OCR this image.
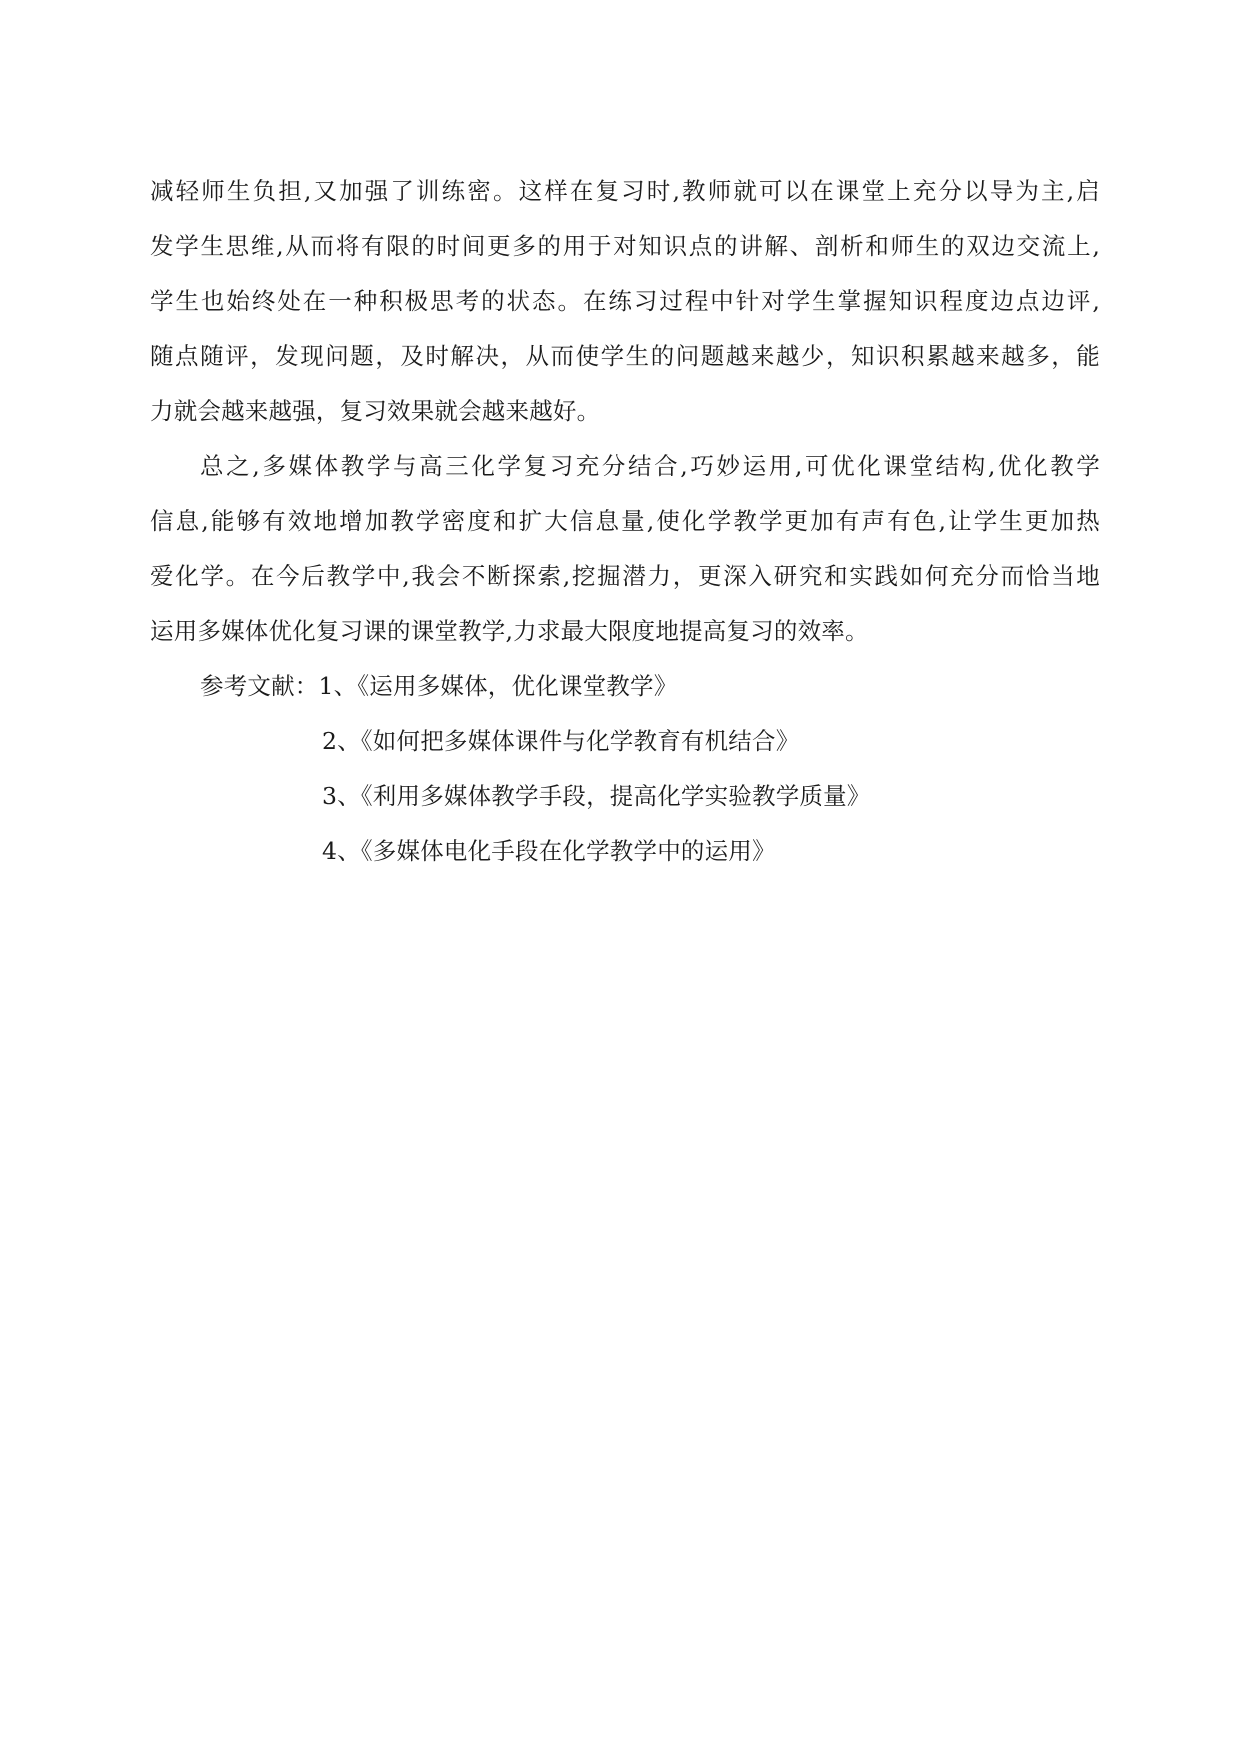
减轻师生负担,又加强了训练密。这样在复习时,教师就可以在课堂上充分以导为主,启
发学生思维,从而将有限的时间更多的用于对知识点的讲解、剖析和师生的双边交流上,
学生也始终处在一种积极思考的状态。在练习过程中针对学生掌握知识程度边点边评,
随点随评，发现问题，及时解决，从而使学生的问题越来越少，知识积累越来越多，能
力就会越来越强，复习效果就会越来越好。
总之,多媒体教学与高三化学复习充分结合,巧妙运用,可优化课堂结构,优化教学
信息,能够有效地增加教学密度和扩大信息量,使化学教学更加有声有色,让学生更加热
爱化学。在今后教学中,我会不断探索,挖掘潜力，更深入研究和实践如何充分而恰当地
运用多媒体优化复习课的课堂教学,力求最大限度地提高复习的效率。
参考文献：1、《运用多媒体，优化课堂教学》
2、《如何把多媒体课件与化学教育有机结合》
3、《利用多媒体教学手段，提高化学实验教学质量》
4、《多媒体电化手段在化学教学中的运用》
